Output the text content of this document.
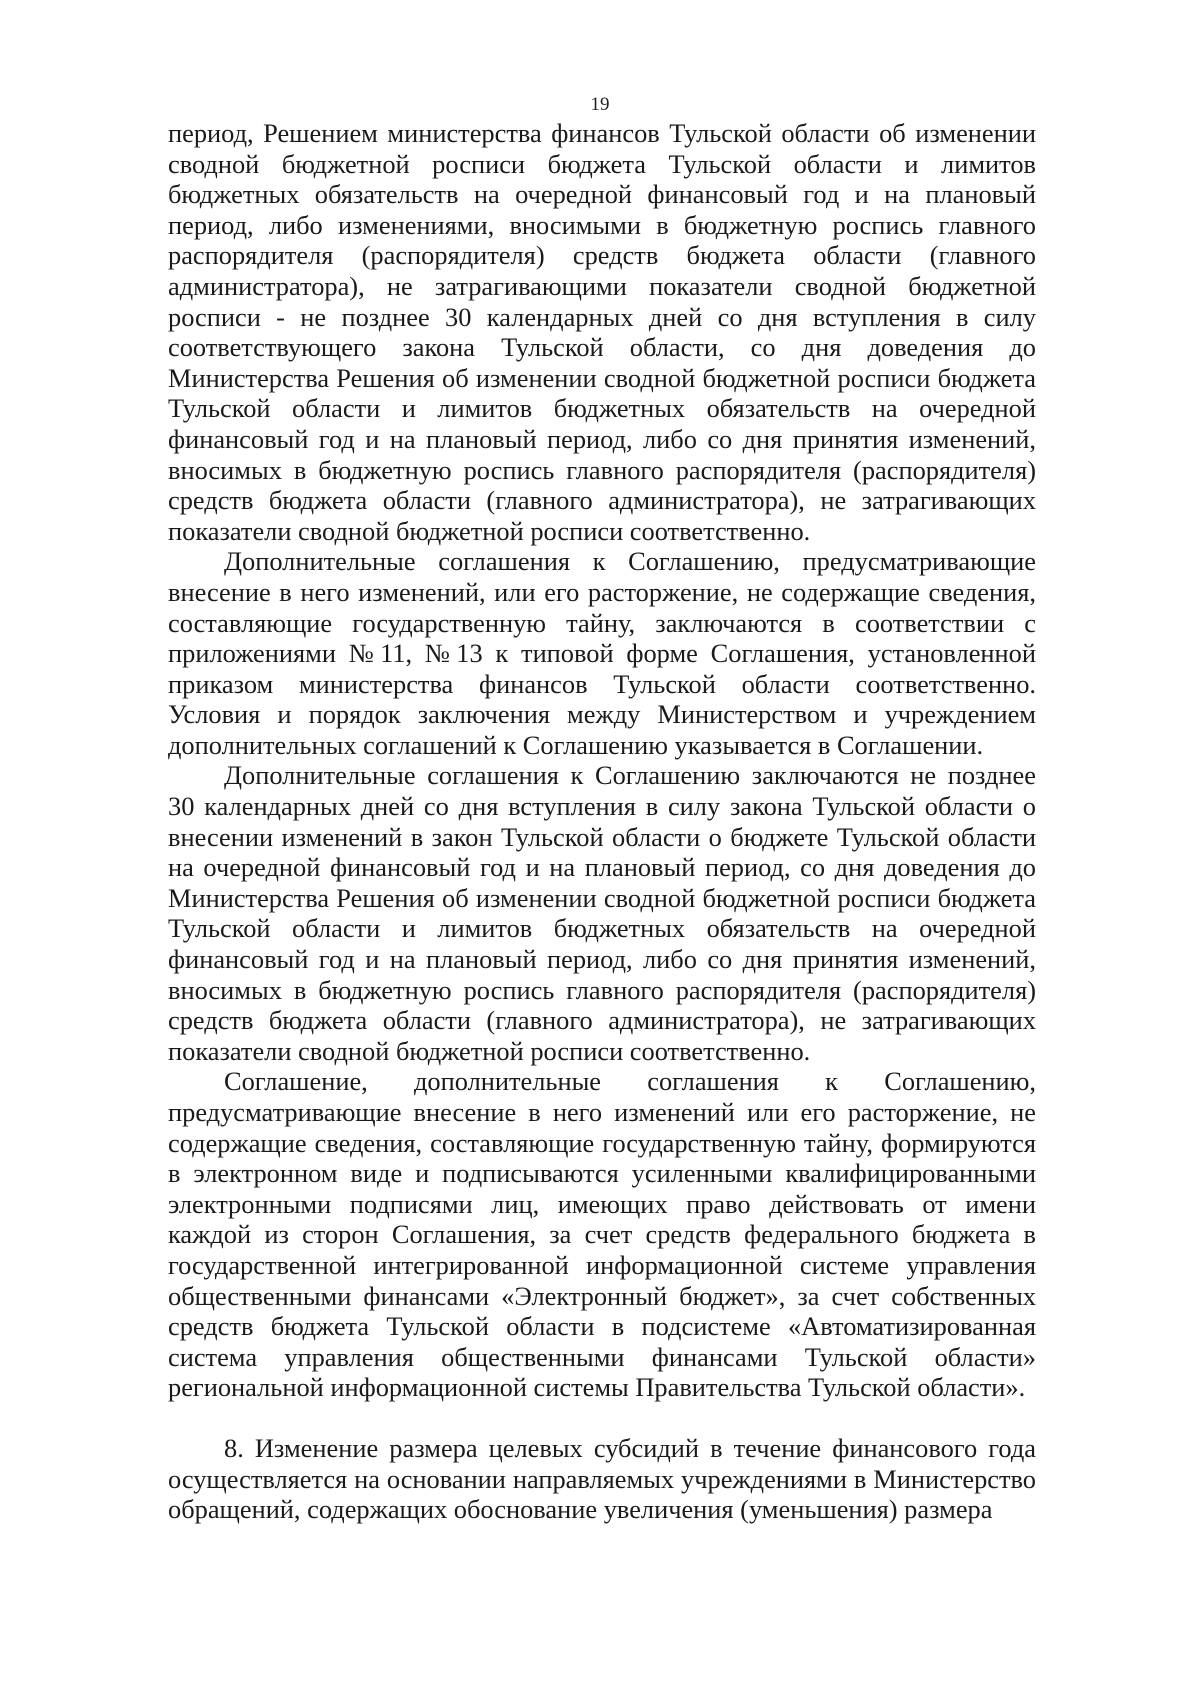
19

период, Решением министерства финансов Тульской области об изменении сводной бюджетной росписи бюджета Тульской области и лимитов бюджетных обязательств на очередной финансовый год и на плановый период, либо изменениями, вносимыми в бюджетную роспись главного распорядителя (распорядителя) средств бюджета области (главного администратора), не затрагивающими показатели сводной бюджетной росписи - не позднее 30 календарных дней со дня вступления в силу соответствующего закона Тульской области, со дня доведения до Министерства Решения об изменении сводной бюджетной росписи бюджета Тульской области и лимитов бюджетных обязательств на очередной финансовый год и на плановый период, либо со дня принятия изменений, вносимых в бюджетную роспись главного распорядителя (распорядителя) средств бюджета области (главного администратора), не затрагивающих показатели сводной бюджетной росписи соответственно.

Дополнительные соглашения к Соглашению, предусматривающие внесение в него изменений, или его расторжение, не содержащие сведения, составляющие государственную тайну, заключаются в соответствии с приложениями №11, №13 к типовой форме Соглашения, установленной приказом министерства финансов Тульской области соответственно. Условия и порядок заключения между Министерством и учреждением дополнительных соглашений к Соглашению указывается в Соглашении.

Дополнительные соглашения к Соглашению заключаются не позднее 30 календарных дней со дня вступления в силу закона Тульской области о внесении изменений в закон Тульской области о бюджете Тульской области на очередной финансовый год и на плановый период, со дня доведения до Министерства Решения об изменении сводной бюджетной росписи бюджета Тульской области и лимитов бюджетных обязательств на очередной финансовый год и на плановый период, либо со дня принятия изменений, вносимых в бюджетную роспись главного распорядителя (распорядителя) средств бюджета области (главного администратора), не затрагивающих показатели сводной бюджетной росписи соответственно.

Соглашение, дополнительные соглашения к Соглашению, предусматривающие внесение в него изменений или его расторжение, не содержащие сведения, составляющие государственную тайну, формируются в электронном виде и подписываются усиленными квалифицированными электронными подписями лиц, имеющих право действовать от имени каждой из сторон Соглашения, за счет средств федерального бюджета в государственной интегрированной информационной системе управления общественными финансами «Электронный бюджет», за счет собственных средств бюджета Тульской области в подсистеме «Автоматизированная система управления общественными финансами Тульской области» региональной информационной системы Правительства Тульской области».

8. Изменение размера целевых субсидий в течение финансового года осуществляется на основании направляемых учреждениями в Министерство обращений, содержащих обоснование увеличения (уменьшения) размера
